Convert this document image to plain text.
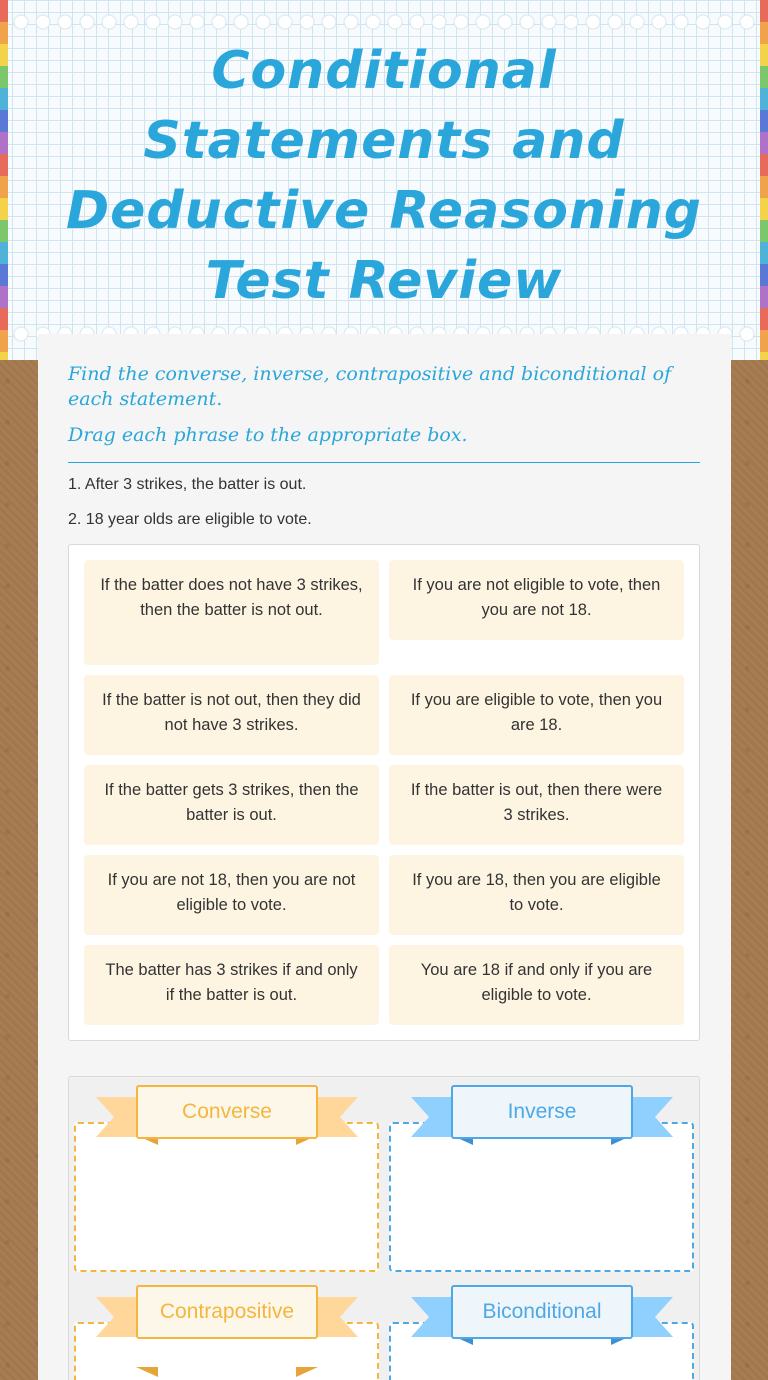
Conditional Statements and Deductive Reasoning Test Review

Find the converse, inverse, contrapositive and biconditional of each statement.

Drag each phrase to the appropriate box.

1. After 3 strikes, the batter is out.
2. 18 year olds are eligible to vote.
If the batter does not have 3 strikes, then the batter is not out.
If you are not eligible to vote, then you are not 18.
If the batter is not out, then they did not have 3 strikes.
If you are eligible to vote, then you are 18.
If the batter gets 3 strikes, then the batter is out.
If the batter is out, then there were 3 strikes.
If you are not 18, then you are not eligible to vote.
If you are 18, then you are eligible to vote.
The batter has 3 strikes if and only if the batter is out.
You are 18 if and only if you are eligible to vote.
Converse	Inverse
Contrapositive	Biconditional
